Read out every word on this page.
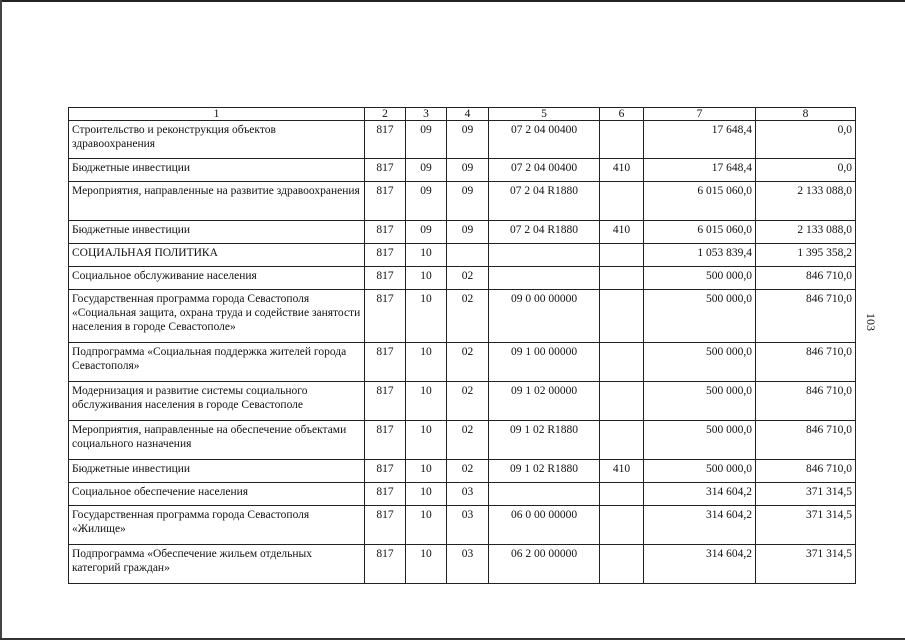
103
1	2	3	4	5	6	7	8
Строительство и реконструкция объектов здравоохранения	817	09	09	07 2 04 00400		17 648,4	0,0
Бюджетные инвестиции	817	09	09	07 2 04 00400	410	17 648,4	0,0
Мероприятия, направленные на развитие здравоохранения	817	09	09	07 2 04 R1880		6 015 060,0	2 133 088,0
Бюджетные инвестиции	817	09	09	07 2 04 R1880	410	6 015 060,0	2 133 088,0
СОЦИАЛЬНАЯ ПОЛИТИКА	817	10				1 053 839,4	1 395 358,2
Социальное обслуживание населения	817	10	02			500 000,0	846 710,0
Государственная программа города Севастополя «Социальная защита, охрана труда и содействие занятости населения в городе Севастополе»	817	10	02	09 0 00 00000		500 000,0	846 710,0
Подпрограмма «Социальная поддержка жителей города Севастополя»	817	10	02	09 1 00 00000		500 000,0	846 710,0
Модернизация и развитие системы социального обслуживания населения в городе Севастополе	817	10	02	09 1 02 00000		500 000,0	846 710,0
Мероприятия, направленные на обеспечение объектами социального назначения	817	10	02	09 1 02 R1880		500 000,0	846 710,0
Бюджетные инвестиции	817	10	02	09 1 02 R1880	410	500 000,0	846 710,0
Социальное обеспечение населения	817	10	03			314 604,2	371 314,5
Государственная программа города Севастополя «Жилище»	817	10	03	06 0 00 00000		314 604,2	371 314,5
Подпрограмма «Обеспечение жильем отдельных категорий граждан»	817	10	03	06 2 00 00000		314 604,2	371 314,5
